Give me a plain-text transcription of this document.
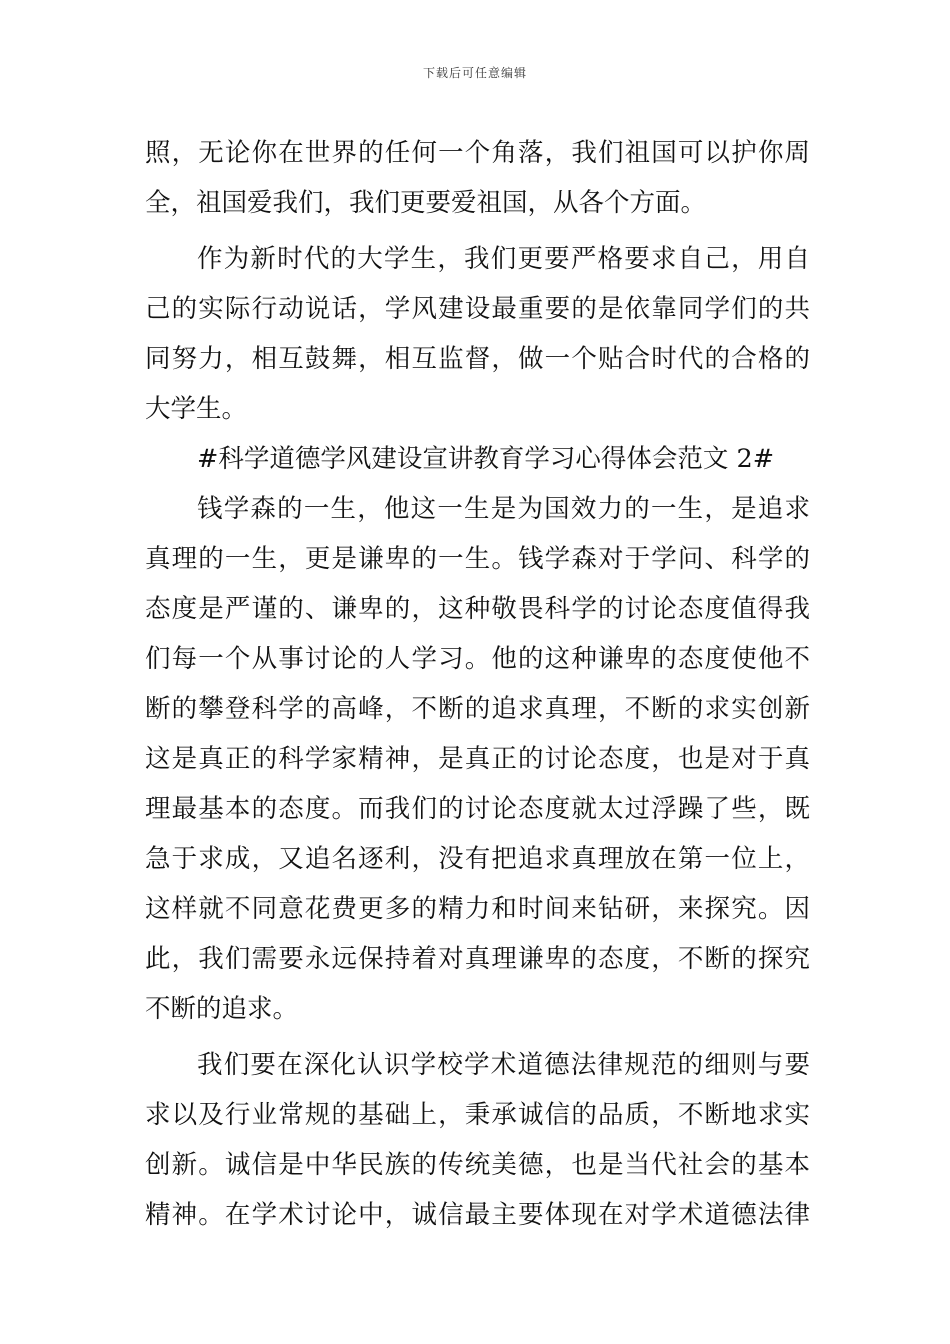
下载后可任意编辑
照，无论你在世界的任何一个角落，我们祖国可以护你周
全，祖国爱我们，我们更要爱祖国，从各个方面。
作为新时代的大学生，我们更要严格要求自己，用自
己的实际行动说话，学风建设最重要的是依靠同学们的共
同努力，相互鼓舞，相互监督，做一个贴合时代的合格的
大学生。
#科学道德学风建设宣讲教育学习心得体会范文 2#
钱学森的一生，他这一生是为国效力的一生，是追求
真理的一生，更是谦卑的一生。钱学森对于学问、科学的
态度是严谨的、谦卑的，这种敬畏科学的讨论态度值得我
们每一个从事讨论的人学习。他的这种谦卑的态度使他不
断的攀登科学的高峰，不断的追求真理，不断的求实创新
这是真正的科学家精神，是真正的讨论态度，也是对于真
理最基本的态度。而我们的讨论态度就太过浮躁了些，既
急于求成，又追名逐利，没有把追求真理放在第一位上，
这样就不同意花费更多的精力和时间来钻研，来探究。因
此，我们需要永远保持着对真理谦卑的态度，不断的探究
不断的追求。
我们要在深化认识学校学术道德法律规范的细则与要
求以及行业常规的基础上，秉承诚信的品质，不断地求实
创新。诚信是中华民族的传统美德，也是当代社会的基本
精神。在学术讨论中，诚信最主要体现在对学术道德法律
